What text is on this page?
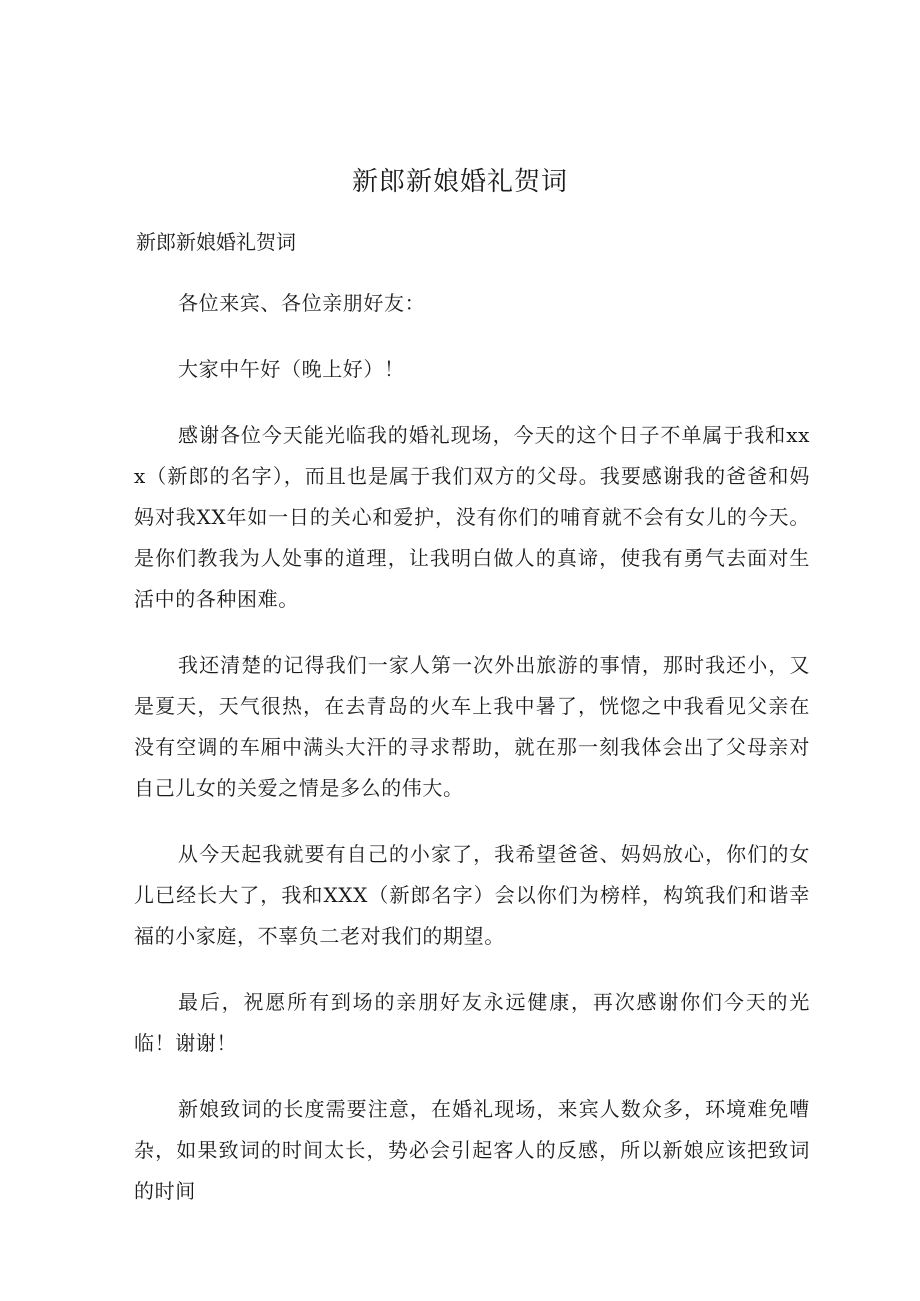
新郎新娘婚礼贺词

新郎新娘婚礼贺词

各位来宾、各位亲朋好友：

大家中午好（晚上好）！

感谢各位今天能光临我的婚礼现场，今天的这个日子不单属于我和xxx（新郎的名字），而且也是属于我们双方的父母。我要感谢我的爸爸和妈妈对我XX年如一日的关心和爱护，没有你们的哺育就不会有女儿的今天。是你们教我为人处事的道理，让我明白做人的真谛，使我有勇气去面对生活中的各种困难。

我还清楚的记得我们一家人第一次外出旅游的事情，那时我还小，又是夏天，天气很热，在去青岛的火车上我中暑了，恍惚之中我看见父亲在没有空调的车厢中满头大汗的寻求帮助，就在那一刻我体会出了父母亲对自己儿女的关爱之情是多么的伟大。

从今天起我就要有自己的小家了，我希望爸爸、妈妈放心，你们的女儿已经长大了，我和XXX（新郎名字）会以你们为榜样，构筑我们和谐幸福的小家庭，不辜负二老对我们的期望。

最后，祝愿所有到场的亲朋好友永远健康，再次感谢你们今天的光临！谢谢！

新娘致词的长度需要注意，在婚礼现场，来宾人数众多，环境难免嘈杂，如果致词的时间太长，势必会引起客人的反感，所以新娘应该把致词的时间
